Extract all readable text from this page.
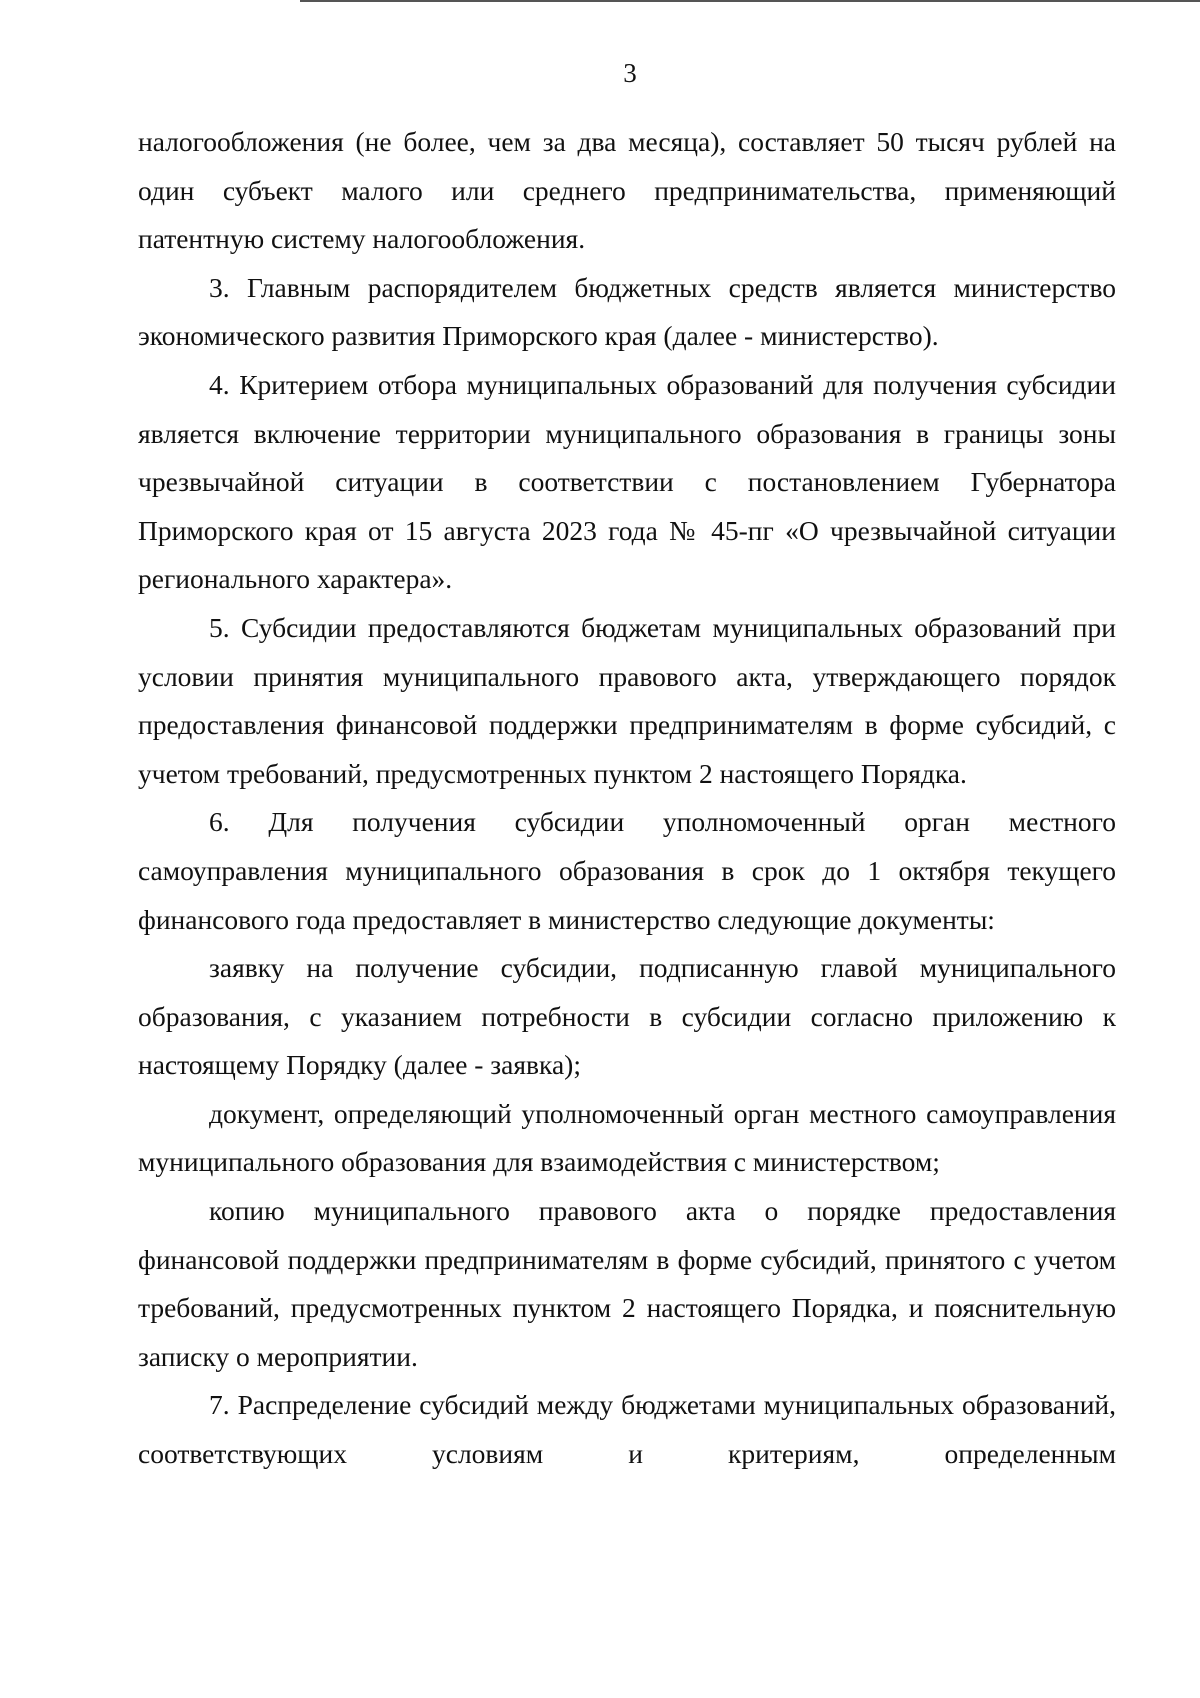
3

налогообложения (не более, чем за два месяца), составляет 50 тысяч рублей на один субъект малого или среднего предпринимательства, применяющий патентную систему налогообложения.

3. Главным распорядителем бюджетных средств является министерство экономического развития Приморского края (далее - министерство).

4. Критерием отбора муниципальных образований для получения субсидии является включение территории муниципального образования в границы зоны чрезвычайной ситуации в соответствии с постановлением Губернатора Приморского края от 15 августа 2023 года № 45-пг «О чрезвычайной ситуации регионального характера».

5. Субсидии предоставляются бюджетам муниципальных образований при условии принятия муниципального правового акта, утверждающего порядок предоставления финансовой поддержки предпринимателям в форме субсидий, с учетом требований, предусмотренных пунктом 2 настоящего Порядка.

6. Для получения субсидии уполномоченный орган местного самоуправления муниципального образования в срок до 1 октября текущего финансового года предоставляет в министерство следующие документы:

заявку на получение субсидии, подписанную главой муниципального образования, с указанием потребности в субсидии согласно приложению к настоящему Порядку (далее - заявка);

документ, определяющий уполномоченный орган местного самоуправления муниципального образования для взаимодействия с министерством;

копию муниципального правового акта о порядке предоставления финансовой поддержки предпринимателям в форме субсидий, принятого с учетом требований, предусмотренных пунктом 2 настоящего Порядка, и пояснительную записку о мероприятии.

7. Распределение субсидий между бюджетами муниципальных образований, соответствующих условиям и критериям, определенным
